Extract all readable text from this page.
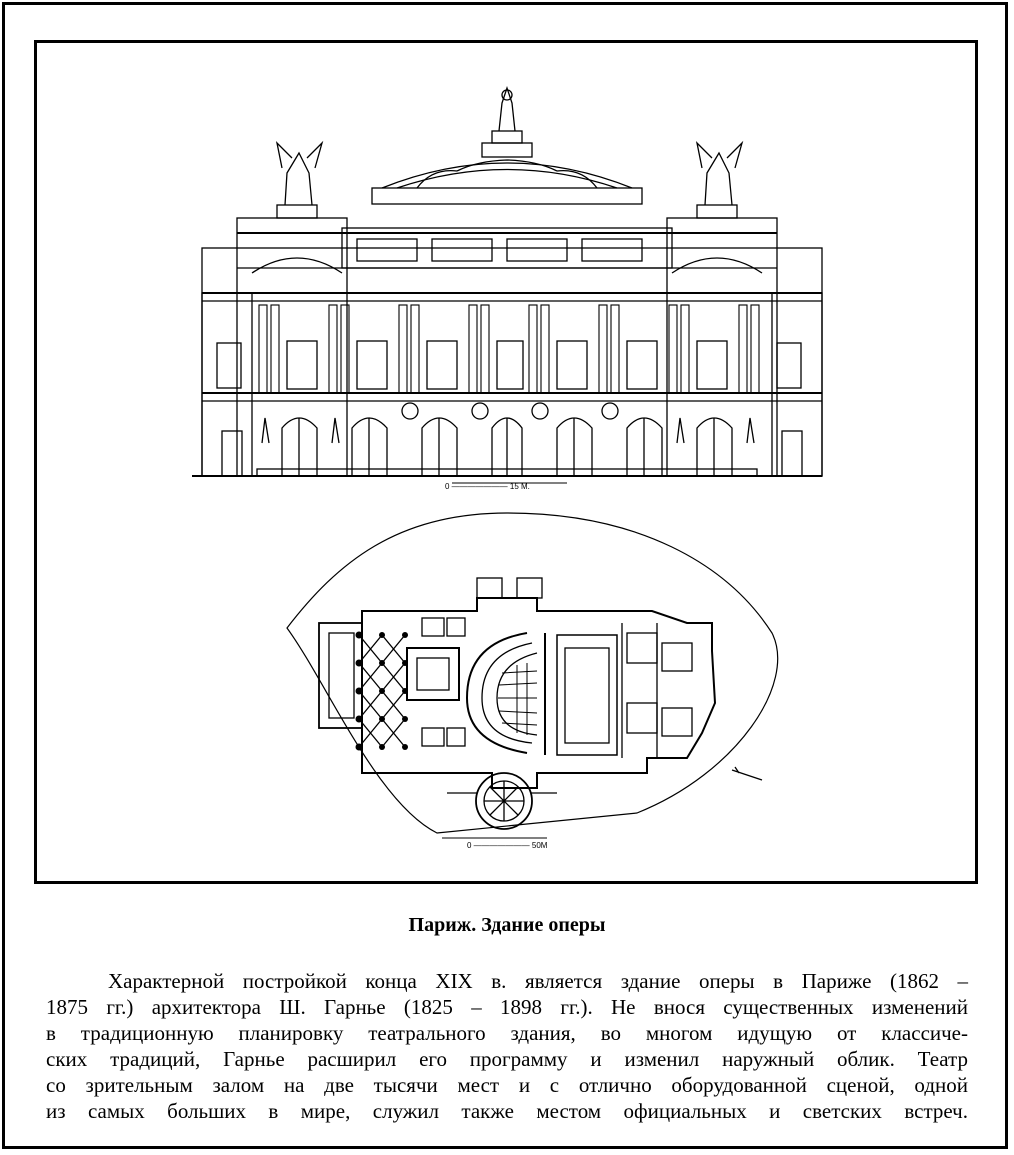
0 ——————— 15 М.
0 ——————— 50М
Париж. Здание оперы

Характерной постройкой конца XIX в. является здание оперы в Париже (1862 –
1875 гг.) архитектора Ш. Гарнье (1825 – 1898 гг.). Не внося существенных изменений
в традиционную планировку театрального здания, во многом идущую от классиче-
ских традиций, Гарнье расширил его программу и изменил наружный облик. Театр
со зрительным залом на две тысячи мест и с отлично оборудованной сценой, одной
из самых больших в мире, служил также местом официальных и светских встреч.
